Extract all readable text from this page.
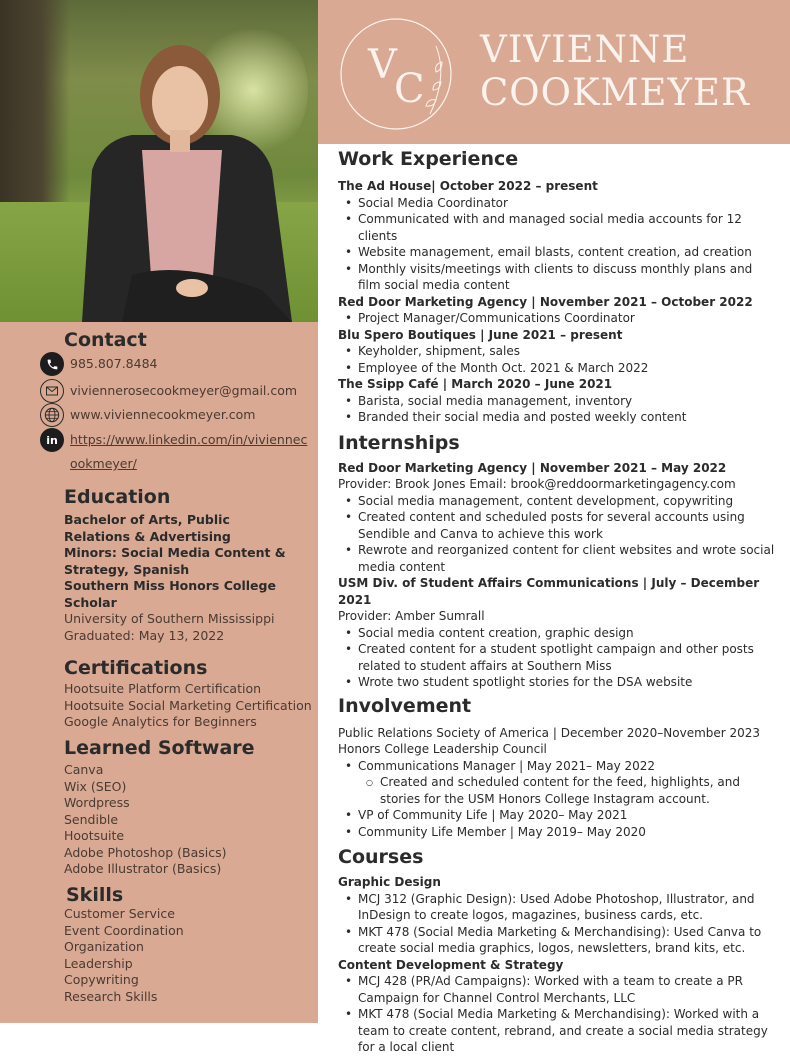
Contact
985.807.8484
viviennerosecookmeyer@gmail.com
www.viviennecookmeyer.com
in https://www.linkedin.com/in/viviennec
ookmeyer/
Education
Bachelor of Arts, Public
Relations & Advertising
Minors: Social Media Content &
Strategy, Spanish
Southern Miss Honors College
Scholar
University of Southern Mississippi
Graduated: May 13, 2022
Certifications
Hootsuite Platform Certification
Hootsuite Social Marketing Certification
Google Analytics for Beginners
Learned Software
Canva
Wix (SEO)
Wordpress
Sendible
Hootsuite
Adobe Photoshop (Basics)
Adobe Illustrator (Basics)
Skills
Customer Service
Event Coordination
Organization
Leadership
Copywriting
Research Skills
V
C
VIVIENNE
COOKMEYER
Work Experience
The Ad House| October 2022 – present
• Social Media Coordinator
• Communicated with and managed social media accounts for 12 clients
• Website management, email blasts, content creation, ad creation
• Monthly visits/meetings with clients to discuss monthly plans and film social media content
Red Door Marketing Agency | November 2021 – October 2022
• Project Manager/Communications Coordinator
Blu Spero Boutiques | June 2021 – present
• Keyholder, shipment, sales
• Employee of the Month Oct. 2021 & March 2022
The Ssipp Café | March 2020 – June 2021
• Barista, social media management, inventory
• Branded their social media and posted weekly content
Internships
Red Door Marketing Agency | November 2021 – May 2022
Provider: Brook Jones Email: brook@reddoormarketingagency.com
• Social media management, content development, copywriting
• Created content and scheduled posts for several accounts using Sendible and Canva to achieve this work
• Rewrote and reorganized content for client websites and wrote social media content
USM Div. of Student Affairs Communications | July – December 2021
Provider: Amber Sumrall
• Social media content creation, graphic design
• Created content for a student spotlight campaign and other posts related to student affairs at Southern Miss
• Wrote two student spotlight stories for the DSA website
Involvement
Public Relations Society of America | December 2020–November 2023
Honors College Leadership Council
• Communications Manager | May 2021– May 2022
○ Created and scheduled content for the feed, highlights, and stories for the USM Honors College Instagram account.
• VP of Community Life | May 2020– May 2021
• Community Life Member | May 2019– May 2020
Courses
Graphic Design
• MCJ 312 (Graphic Design): Used Adobe Photoshop, Illustrator, and InDesign to create logos, magazines, business cards, etc.
• MKT 478 (Social Media Marketing & Merchandising): Used Canva to create social media graphics, logos, newsletters, brand kits, etc.
Content Development & Strategy
• MCJ 428 (PR/Ad Campaigns): Worked with a team to create a PR Campaign for Channel Control Merchants, LLC
• MKT 478 (Social Media Marketing & Merchandising): Worked with a team to create content, rebrand, and create a social media strategy for a local client
